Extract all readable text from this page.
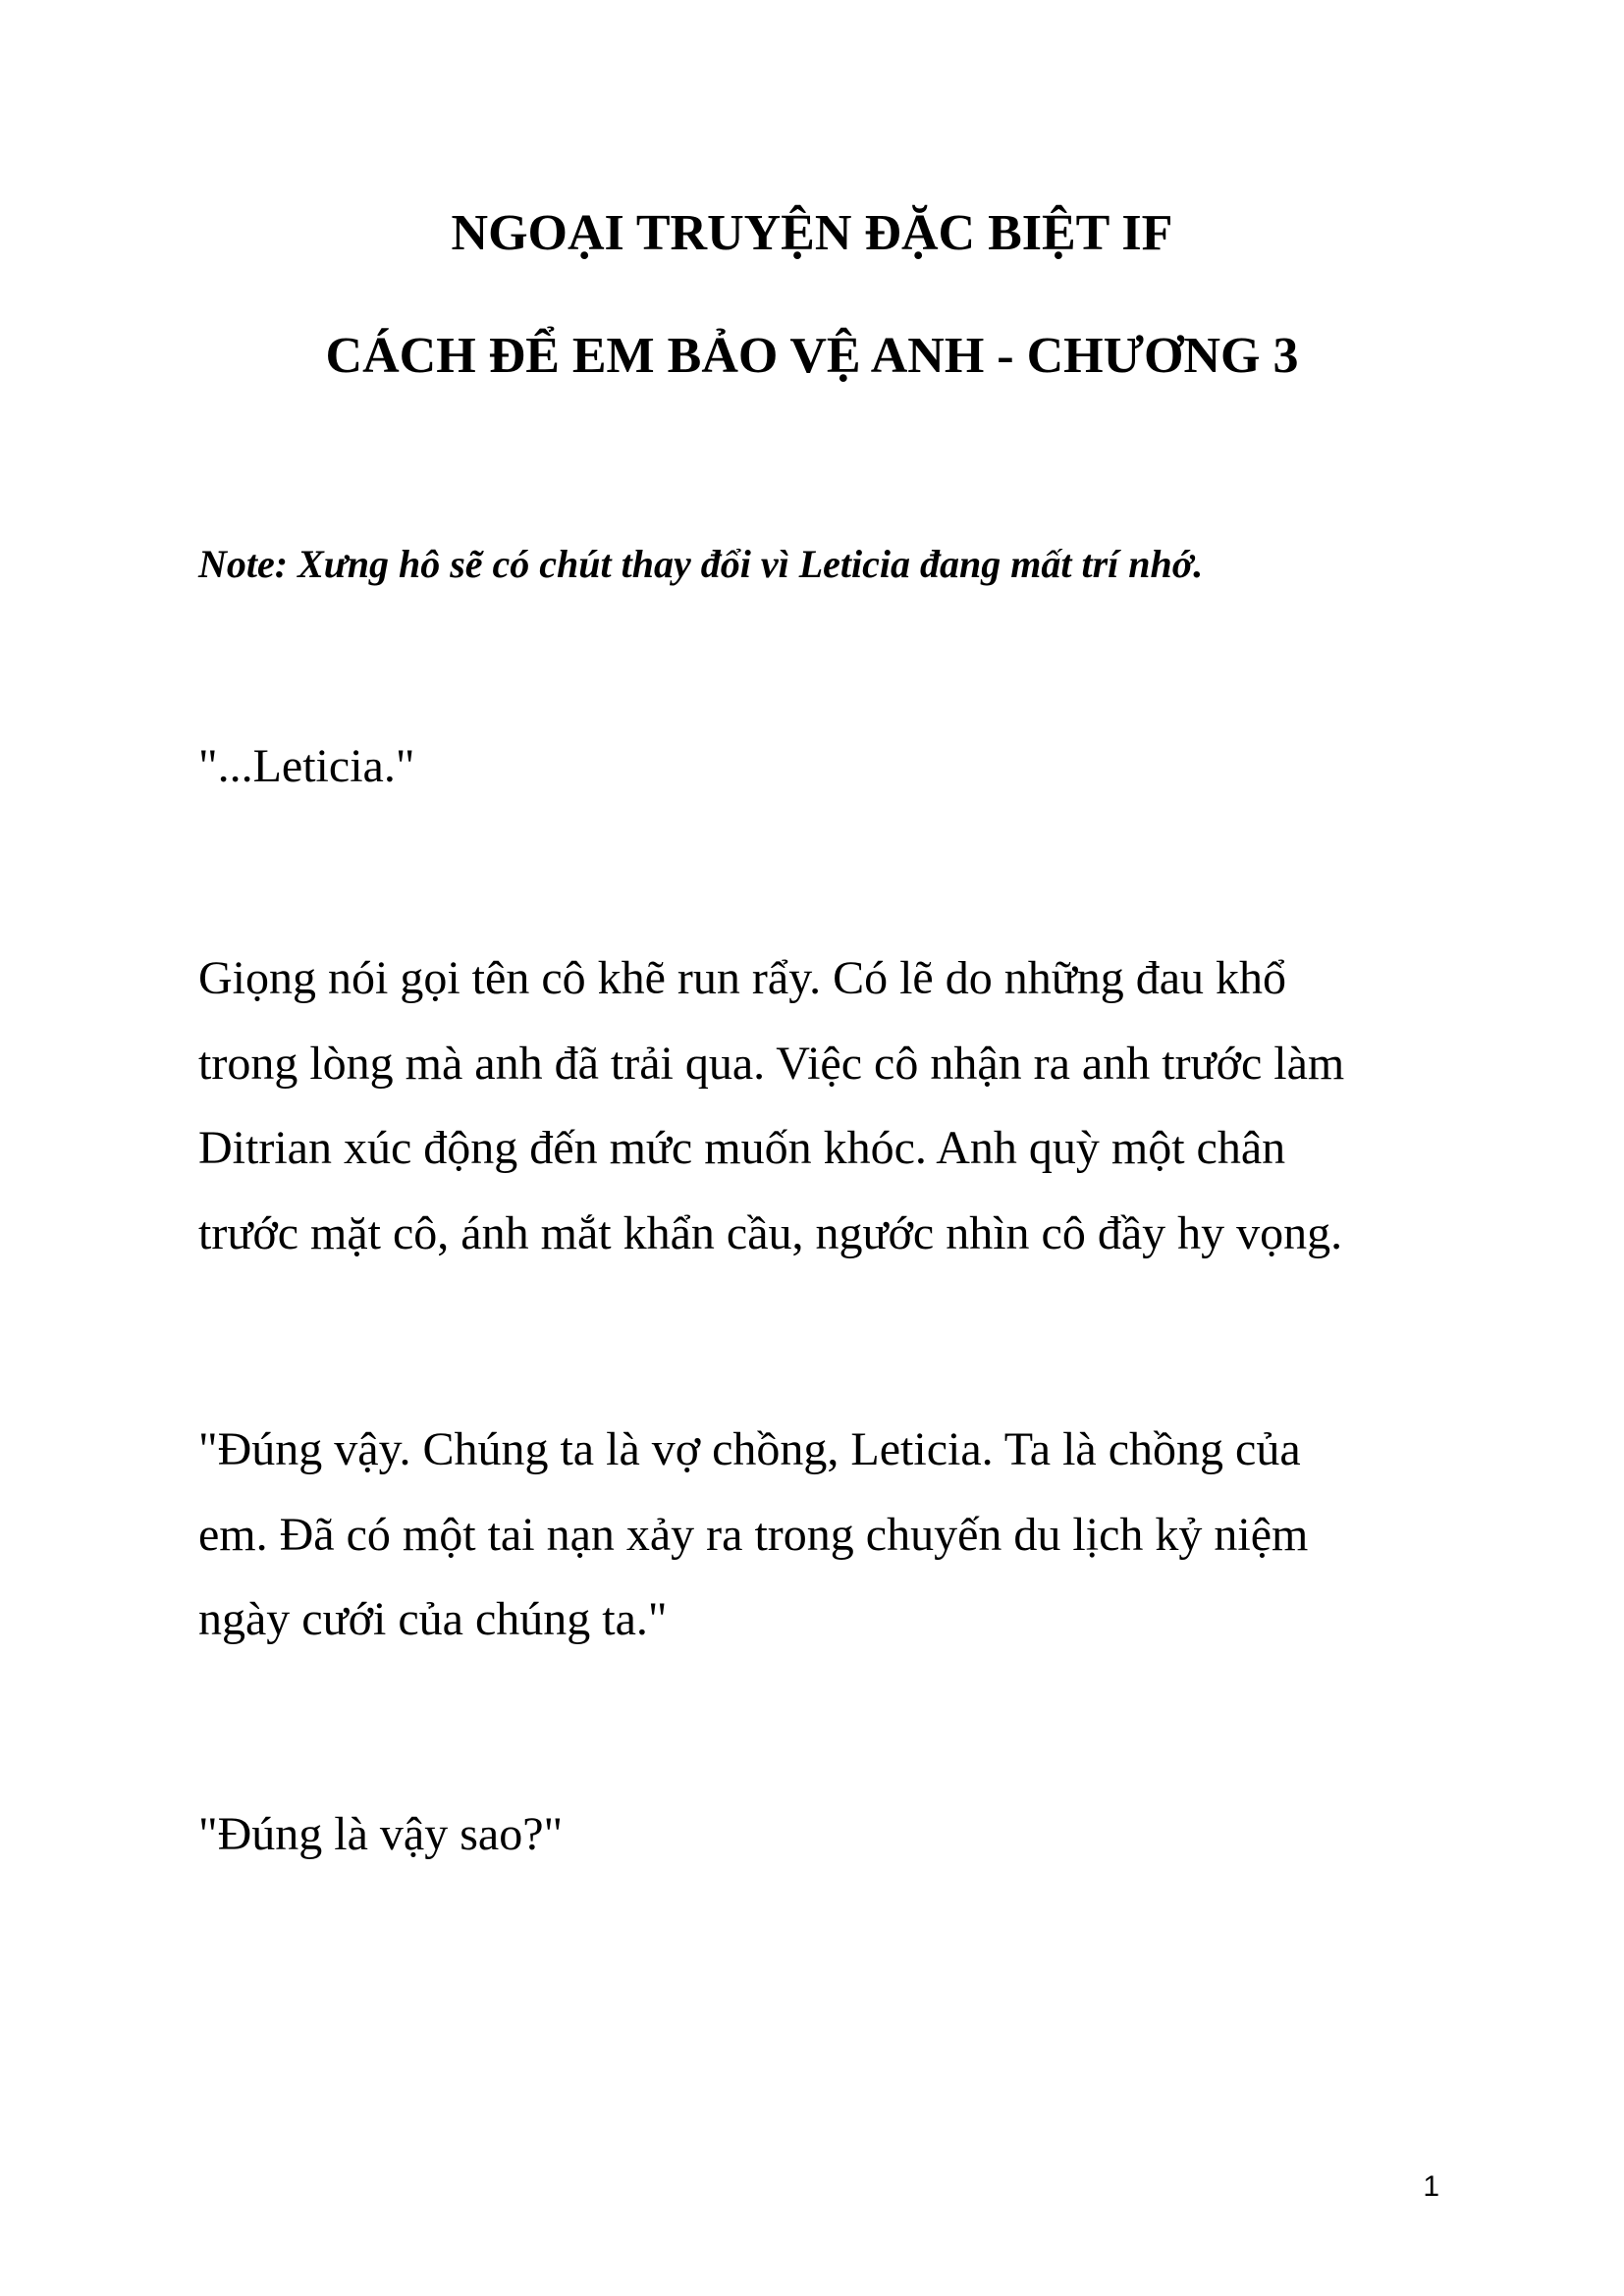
NGOẠI TRUYỆN ĐẶC BIỆT IF
CÁCH ĐỂ EM BẢO VỆ ANH - CHƯƠNG 3
Note: Xưng hô sẽ có chút thay đổi vì Leticia đang mất trí nhớ.

"...Leticia."

Giọng nói gọi tên cô khẽ run rẩy. Có lẽ do những đau khổ
trong lòng mà anh đã trải qua. Việc cô nhận ra anh trước làm
Ditrian xúc động đến mức muốn khóc. Anh quỳ một chân
trước mặt cô, ánh mắt khẩn cầu, ngước nhìn cô đầy hy vọng.

"Đúng vậy. Chúng ta là vợ chồng, Leticia. Ta là chồng của
em. Đã có một tai nạn xảy ra trong chuyến du lịch kỷ niệm
ngày cưới của chúng ta."

"Đúng là vậy sao?"

1
